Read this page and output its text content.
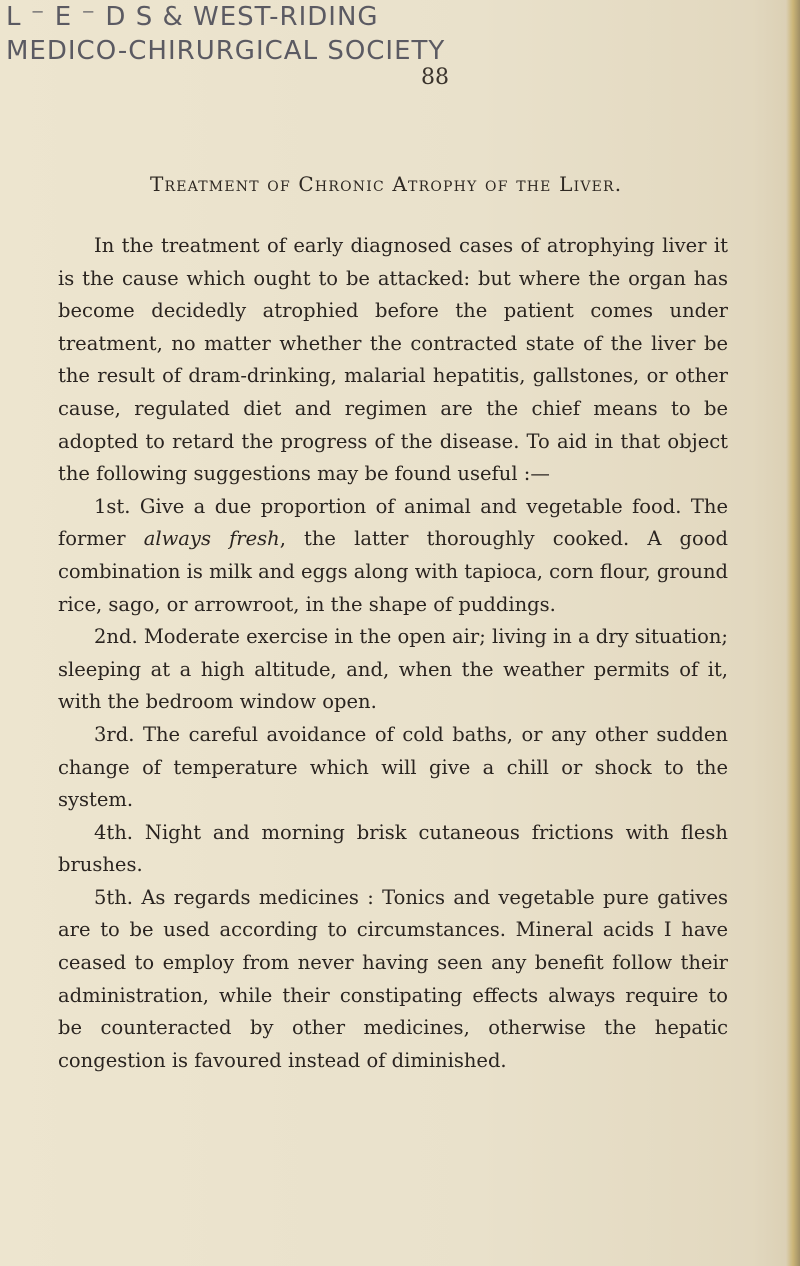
L ⁻ E ⁻ D S & WEST-RIDING
MEDICO-CHIRURGICAL SOCIETY
88
Treatment of Chronic Atrophy of the Liver.

In the treatment of early diagnosed cases of atrophying liver it is the cause which ought to be attacked: but where the organ has become decidedly atrophied before the patient comes under treatment, no matter whether the contracted state of the liver be the result of dram-drinking, malarial hepatitis, gallstones, or other cause, regulated diet and regimen are the chief means to be adopted to retard the progress of the disease. To aid in that object the following suggestions may be found useful :—

1st. Give a due proportion of animal and vegetable food. The former always fresh, the latter thoroughly cooked. A good combination is milk and eggs along with tapioca, corn flour, ground rice, sago, or arrowroot, in the shape of puddings.

2nd. Moderate exercise in the open air; living in a dry situation; sleeping at a high altitude, and, when the weather permits of it, with the bedroom window open.

3rd. The careful avoidance of cold baths, or any other sudden change of temperature which will give a chill or shock to the system.

4th. Night and morning brisk cutaneous frictions with flesh brushes.

5th. As regards medicines : Tonics and vegetable pure gatives are to be used according to circumstances. Mineral acids I have ceased to employ from never having seen any benefit follow their administration, while their constipating effects always require to be counteracted by other medicines, otherwise the hepatic congestion is favoured instead of diminished.
